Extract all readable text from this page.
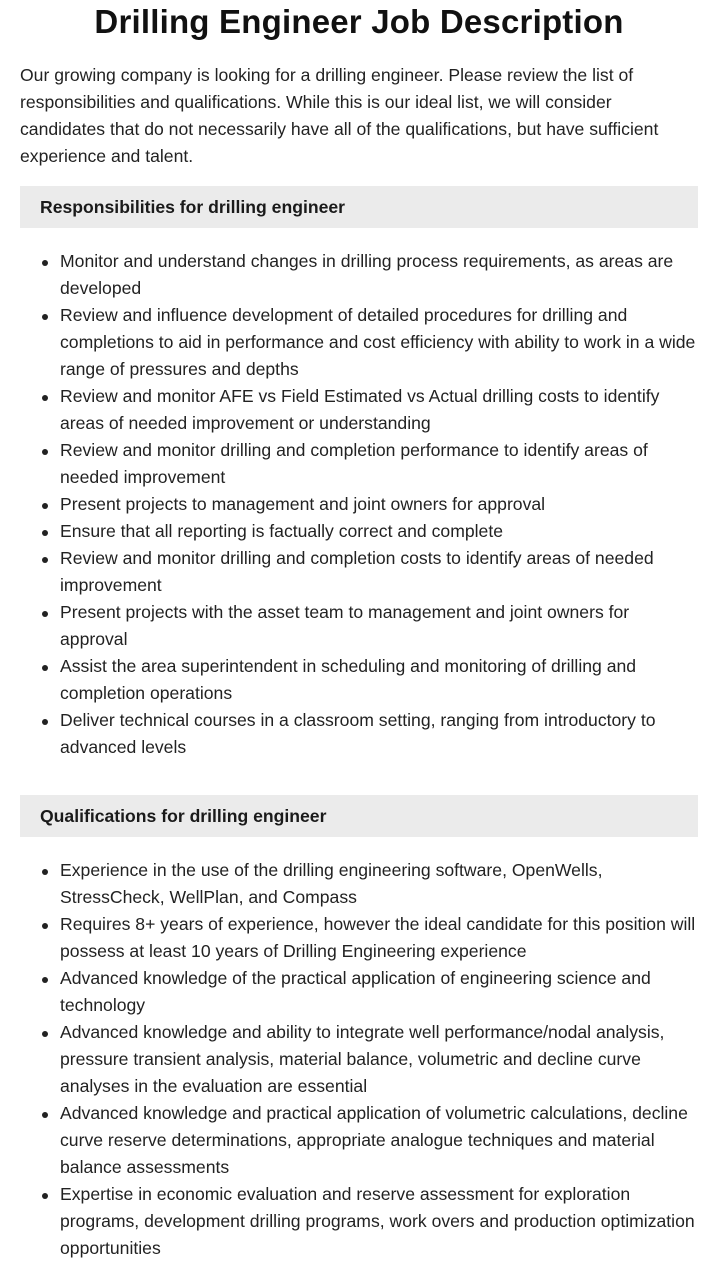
Drilling Engineer Job Description

Our growing company is looking for a drilling engineer. Please review the list of responsibilities and qualifications. While this is our ideal list, we will consider candidates that do not necessarily have all of the qualifications, but have sufficient experience and talent.

Responsibilities for drilling engineer
Monitor and understand changes in drilling process requirements, as areas are developed
Review and influence development of detailed procedures for drilling and completions to aid in performance and cost efficiency with ability to work in a wide range of pressures and depths
Review and monitor AFE vs Field Estimated vs Actual drilling costs to identify areas of needed improvement or understanding
Review and monitor drilling and completion performance to identify areas of needed improvement
Present projects to management and joint owners for approval
Ensure that all reporting is factually correct and complete
Review and monitor drilling and completion costs to identify areas of needed improvement
Present projects with the asset team to management and joint owners for approval
Assist the area superintendent in scheduling and monitoring of drilling and completion operations
Deliver technical courses in a classroom setting, ranging from introductory to advanced levels
Qualifications for drilling engineer
Experience in the use of the drilling engineering software, OpenWells, StressCheck, WellPlan, and Compass
Requires 8+ years of experience, however the ideal candidate for this position will possess at least 10 years of Drilling Engineering experience
Advanced knowledge of the practical application of engineering science and technology
Advanced knowledge and ability to integrate well performance/nodal analysis, pressure transient analysis, material balance, volumetric and decline curve analyses in the evaluation are essential
Advanced knowledge and practical application of volumetric calculations, decline curve reserve determinations, appropriate analogue techniques and material balance assessments
Expertise in economic evaluation and reserve assessment for exploration programs, development drilling programs, work overs and production optimization opportunities
